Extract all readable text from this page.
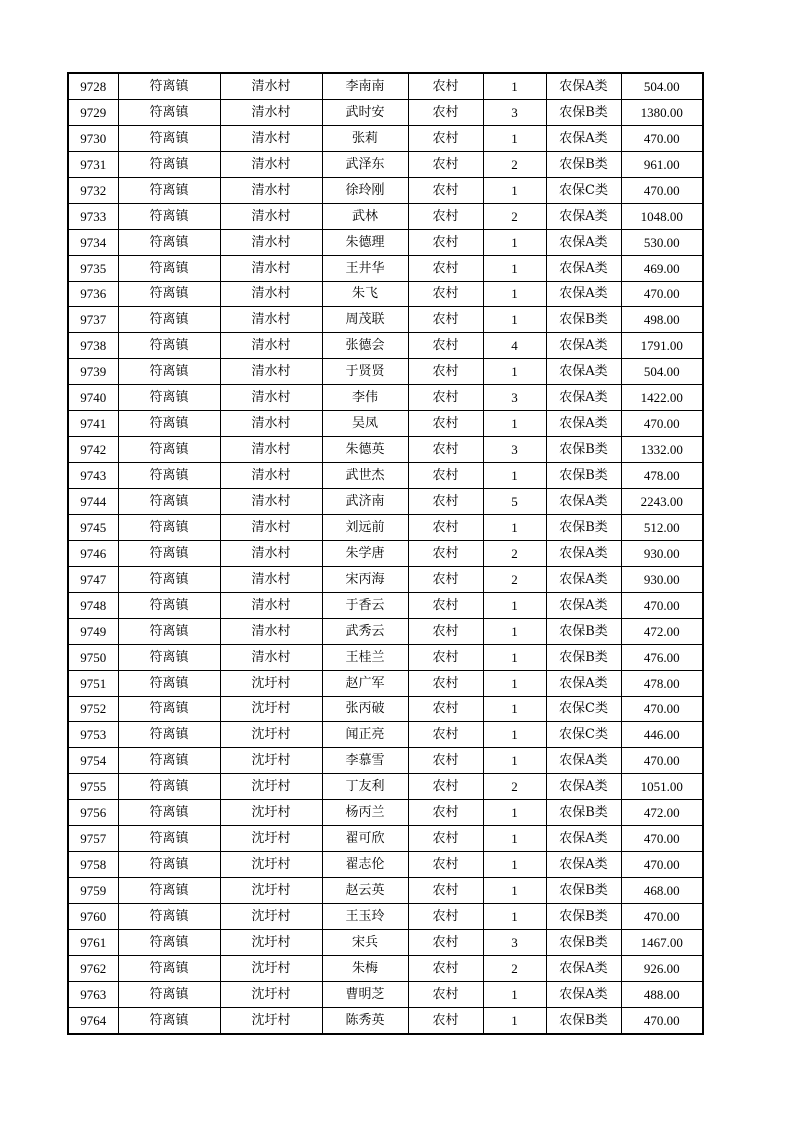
9728	符离镇	清水村	李南南	农村	1	农保A类	504.00
9729	符离镇	清水村	武时安	农村	3	农保B类	1380.00
9730	符离镇	清水村	张莉	农村	1	农保A类	470.00
9731	符离镇	清水村	武泽东	农村	2	农保B类	961.00
9732	符离镇	清水村	徐玲刚	农村	1	农保C类	470.00
9733	符离镇	清水村	武林	农村	2	农保A类	1048.00
9734	符离镇	清水村	朱德理	农村	1	农保A类	530.00
9735	符离镇	清水村	王井华	农村	1	农保A类	469.00
9736	符离镇	清水村	朱飞	农村	1	农保A类	470.00
9737	符离镇	清水村	周茂联	农村	1	农保B类	498.00
9738	符离镇	清水村	张德会	农村	4	农保A类	1791.00
9739	符离镇	清水村	于贤贤	农村	1	农保A类	504.00
9740	符离镇	清水村	李伟	农村	3	农保A类	1422.00
9741	符离镇	清水村	吴凤	农村	1	农保A类	470.00
9742	符离镇	清水村	朱德英	农村	3	农保B类	1332.00
9743	符离镇	清水村	武世杰	农村	1	农保B类	478.00
9744	符离镇	清水村	武济南	农村	5	农保A类	2243.00
9745	符离镇	清水村	刘远前	农村	1	农保B类	512.00
9746	符离镇	清水村	朱学唐	农村	2	农保A类	930.00
9747	符离镇	清水村	宋丙海	农村	2	农保A类	930.00
9748	符离镇	清水村	于香云	农村	1	农保A类	470.00
9749	符离镇	清水村	武秀云	农村	1	农保B类	472.00
9750	符离镇	清水村	王桂兰	农村	1	农保B类	476.00
9751	符离镇	沈圩村	赵广军	农村	1	农保A类	478.00
9752	符离镇	沈圩村	张丙破	农村	1	农保C类	470.00
9753	符离镇	沈圩村	闻正亮	农村	1	农保C类	446.00
9754	符离镇	沈圩村	李慕雪	农村	1	农保A类	470.00
9755	符离镇	沈圩村	丁友利	农村	2	农保A类	1051.00
9756	符离镇	沈圩村	杨丙兰	农村	1	农保B类	472.00
9757	符离镇	沈圩村	翟可欣	农村	1	农保A类	470.00
9758	符离镇	沈圩村	翟志伦	农村	1	农保A类	470.00
9759	符离镇	沈圩村	赵云英	农村	1	农保B类	468.00
9760	符离镇	沈圩村	王玉玲	农村	1	农保B类	470.00
9761	符离镇	沈圩村	宋兵	农村	3	农保B类	1467.00
9762	符离镇	沈圩村	朱梅	农村	2	农保A类	926.00
9763	符离镇	沈圩村	曹明芝	农村	1	农保A类	488.00
9764	符离镇	沈圩村	陈秀英	农村	1	农保B类	470.00
